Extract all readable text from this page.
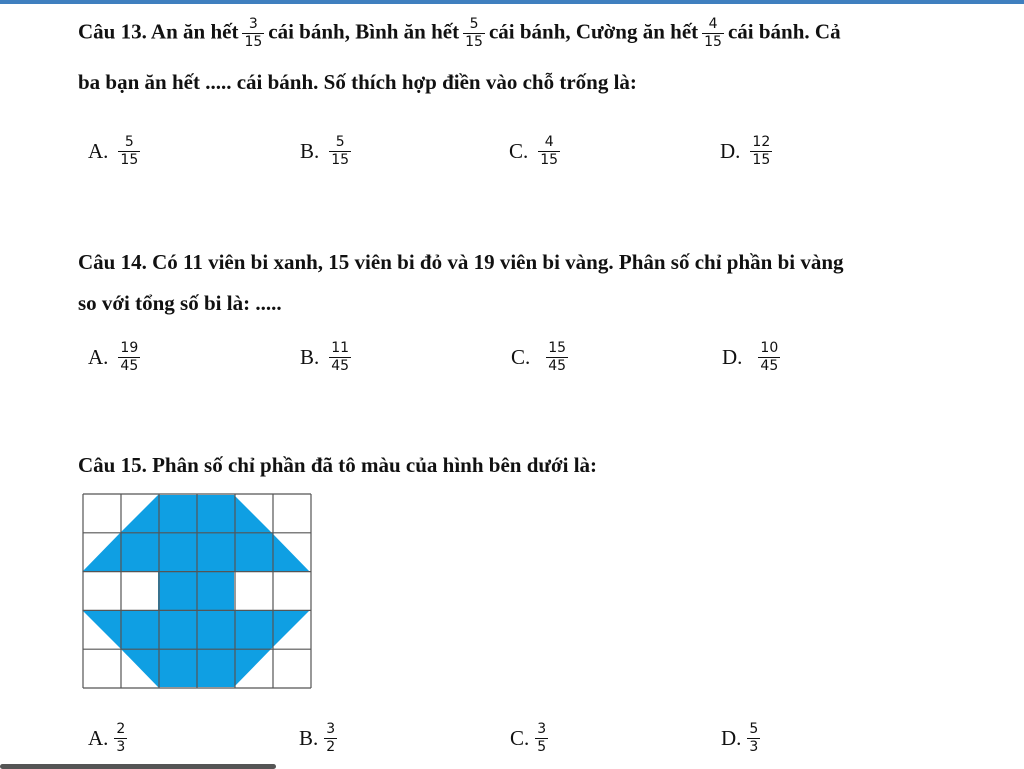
Câu 13. An ăn hết $\frac{3}{15}$ cái bánh, Bình ăn hết $\frac{5}{15}$ cái bánh, Cường ăn hết $\frac{4}{15}$ cái bánh. Cả
ba bạn ăn hết ..... cái bánh. Số thích hợp điền vào chỗ trống là:
A. $\frac{5}{15}$	B. $\frac{5}{15}$	C. $\frac{4}{15}$	D. $\frac{12}{15}$
Câu 14. Có 11 viên bi xanh, 15 viên bi đỏ và 19 viên bi vàng. Phân số chỉ phần bi vàng
so với tổng số bi là: .....
A. $\frac{19}{45}$	B. $\frac{11}{45}$	C. $\frac{15}{45}$	D. $\frac{10}{45}$
Câu 15. Phân số chỉ phần đã tô màu của hình bên dưới là:
A. $\frac{2}{3}$	B. $\frac{3}{2}$	C. $\frac{3}{5}$	D. $\frac{5}{3}$
